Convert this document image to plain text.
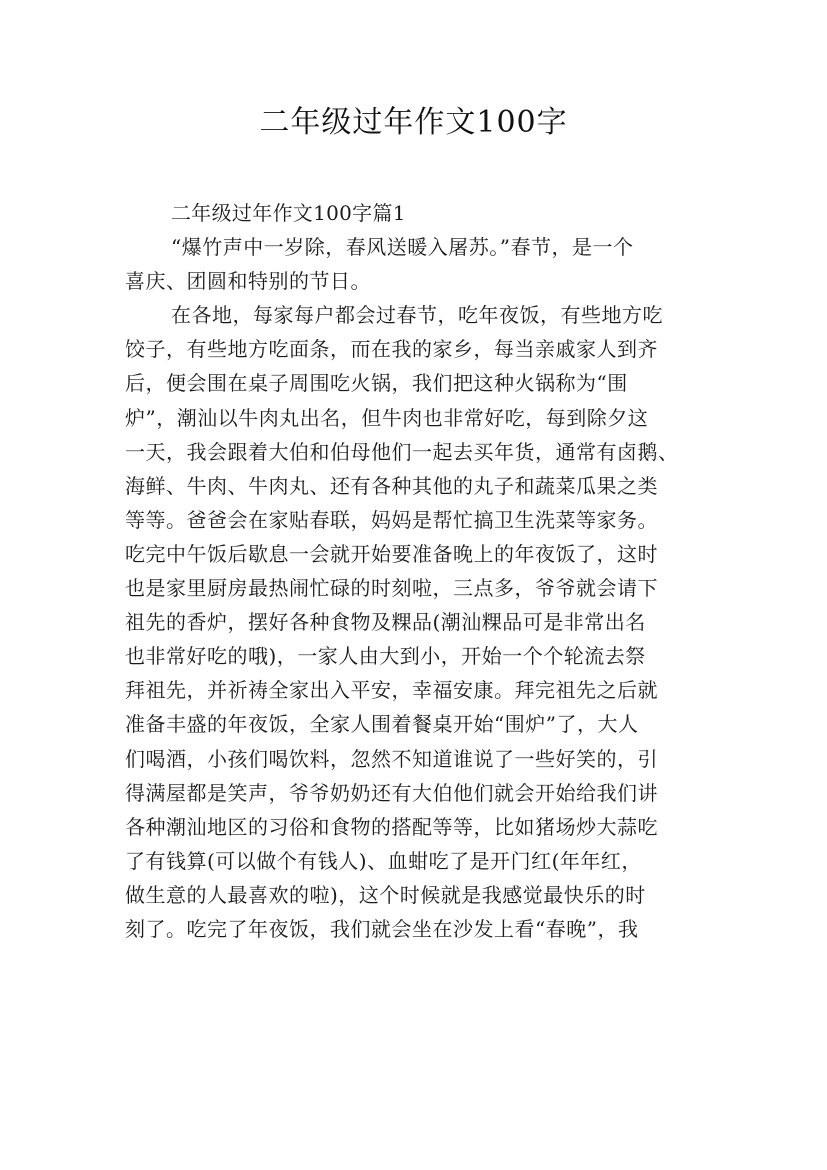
二年级过年作文100字
二年级过年作文100字篇1
“爆竹声中一岁除，春风送暖入屠苏。”春节，是一个
喜庆、团圆和特别的节日。
在各地，每家每户都会过春节，吃年夜饭，有些地方吃
饺子，有些地方吃面条，而在我的家乡，每当亲戚家人到齐
后，便会围在桌子周围吃火锅，我们把这种火锅称为“围
炉”，潮汕以牛肉丸出名，但牛肉也非常好吃，每到除夕这
一天，我会跟着大伯和伯母他们一起去买年货，通常有卤鹅、
海鲜、牛肉、牛肉丸、还有各种其他的丸子和蔬菜瓜果之类
等等。爸爸会在家贴春联，妈妈是帮忙搞卫生洗菜等家务。
吃完中午饭后歇息一会就开始要准备晚上的年夜饭了，这时
也是家里厨房最热闹忙碌的时刻啦，三点多，爷爷就会请下
祖先的香炉，摆好各种食物及粿品(潮汕粿品可是非常出名
也非常好吃的哦)，一家人由大到小，开始一个个轮流去祭
拜祖先，并祈祷全家出入平安，幸福安康。拜完祖先之后就
准备丰盛的年夜饭，全家人围着餐桌开始“围炉”了，大人
们喝酒，小孩们喝饮料，忽然不知道谁说了一些好笑的，引
得满屋都是笑声，爷爷奶奶还有大伯他们就会开始给我们讲
各种潮汕地区的习俗和食物的搭配等等，比如猪场炒大蒜吃
了有钱算(可以做个有钱人)、血蚶吃了是开门红(年年红，
做生意的人最喜欢的啦)，这个时候就是我感觉最快乐的时
刻了。吃完了年夜饭，我们就会坐在沙发上看“春晚”，我
